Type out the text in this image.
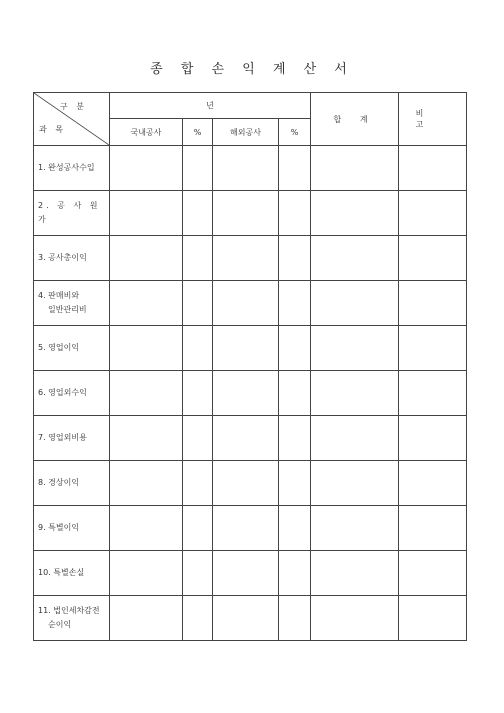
종 합 손 익 계 산 서
구 분
과 목	년				합 계	비 고
	국내공사	%	해외공사	%		
1. 완성공사수입						
2. 공 사 원 가						
3. 공사총이익						
4. 판매비와
일반관리비						

5. 영업이익						
6. 영업외수익						
7. 영업외비용						
8. 경상이익						
9. 특별이익						
10. 특별손실						
11. 법인세차감전
순이익						
